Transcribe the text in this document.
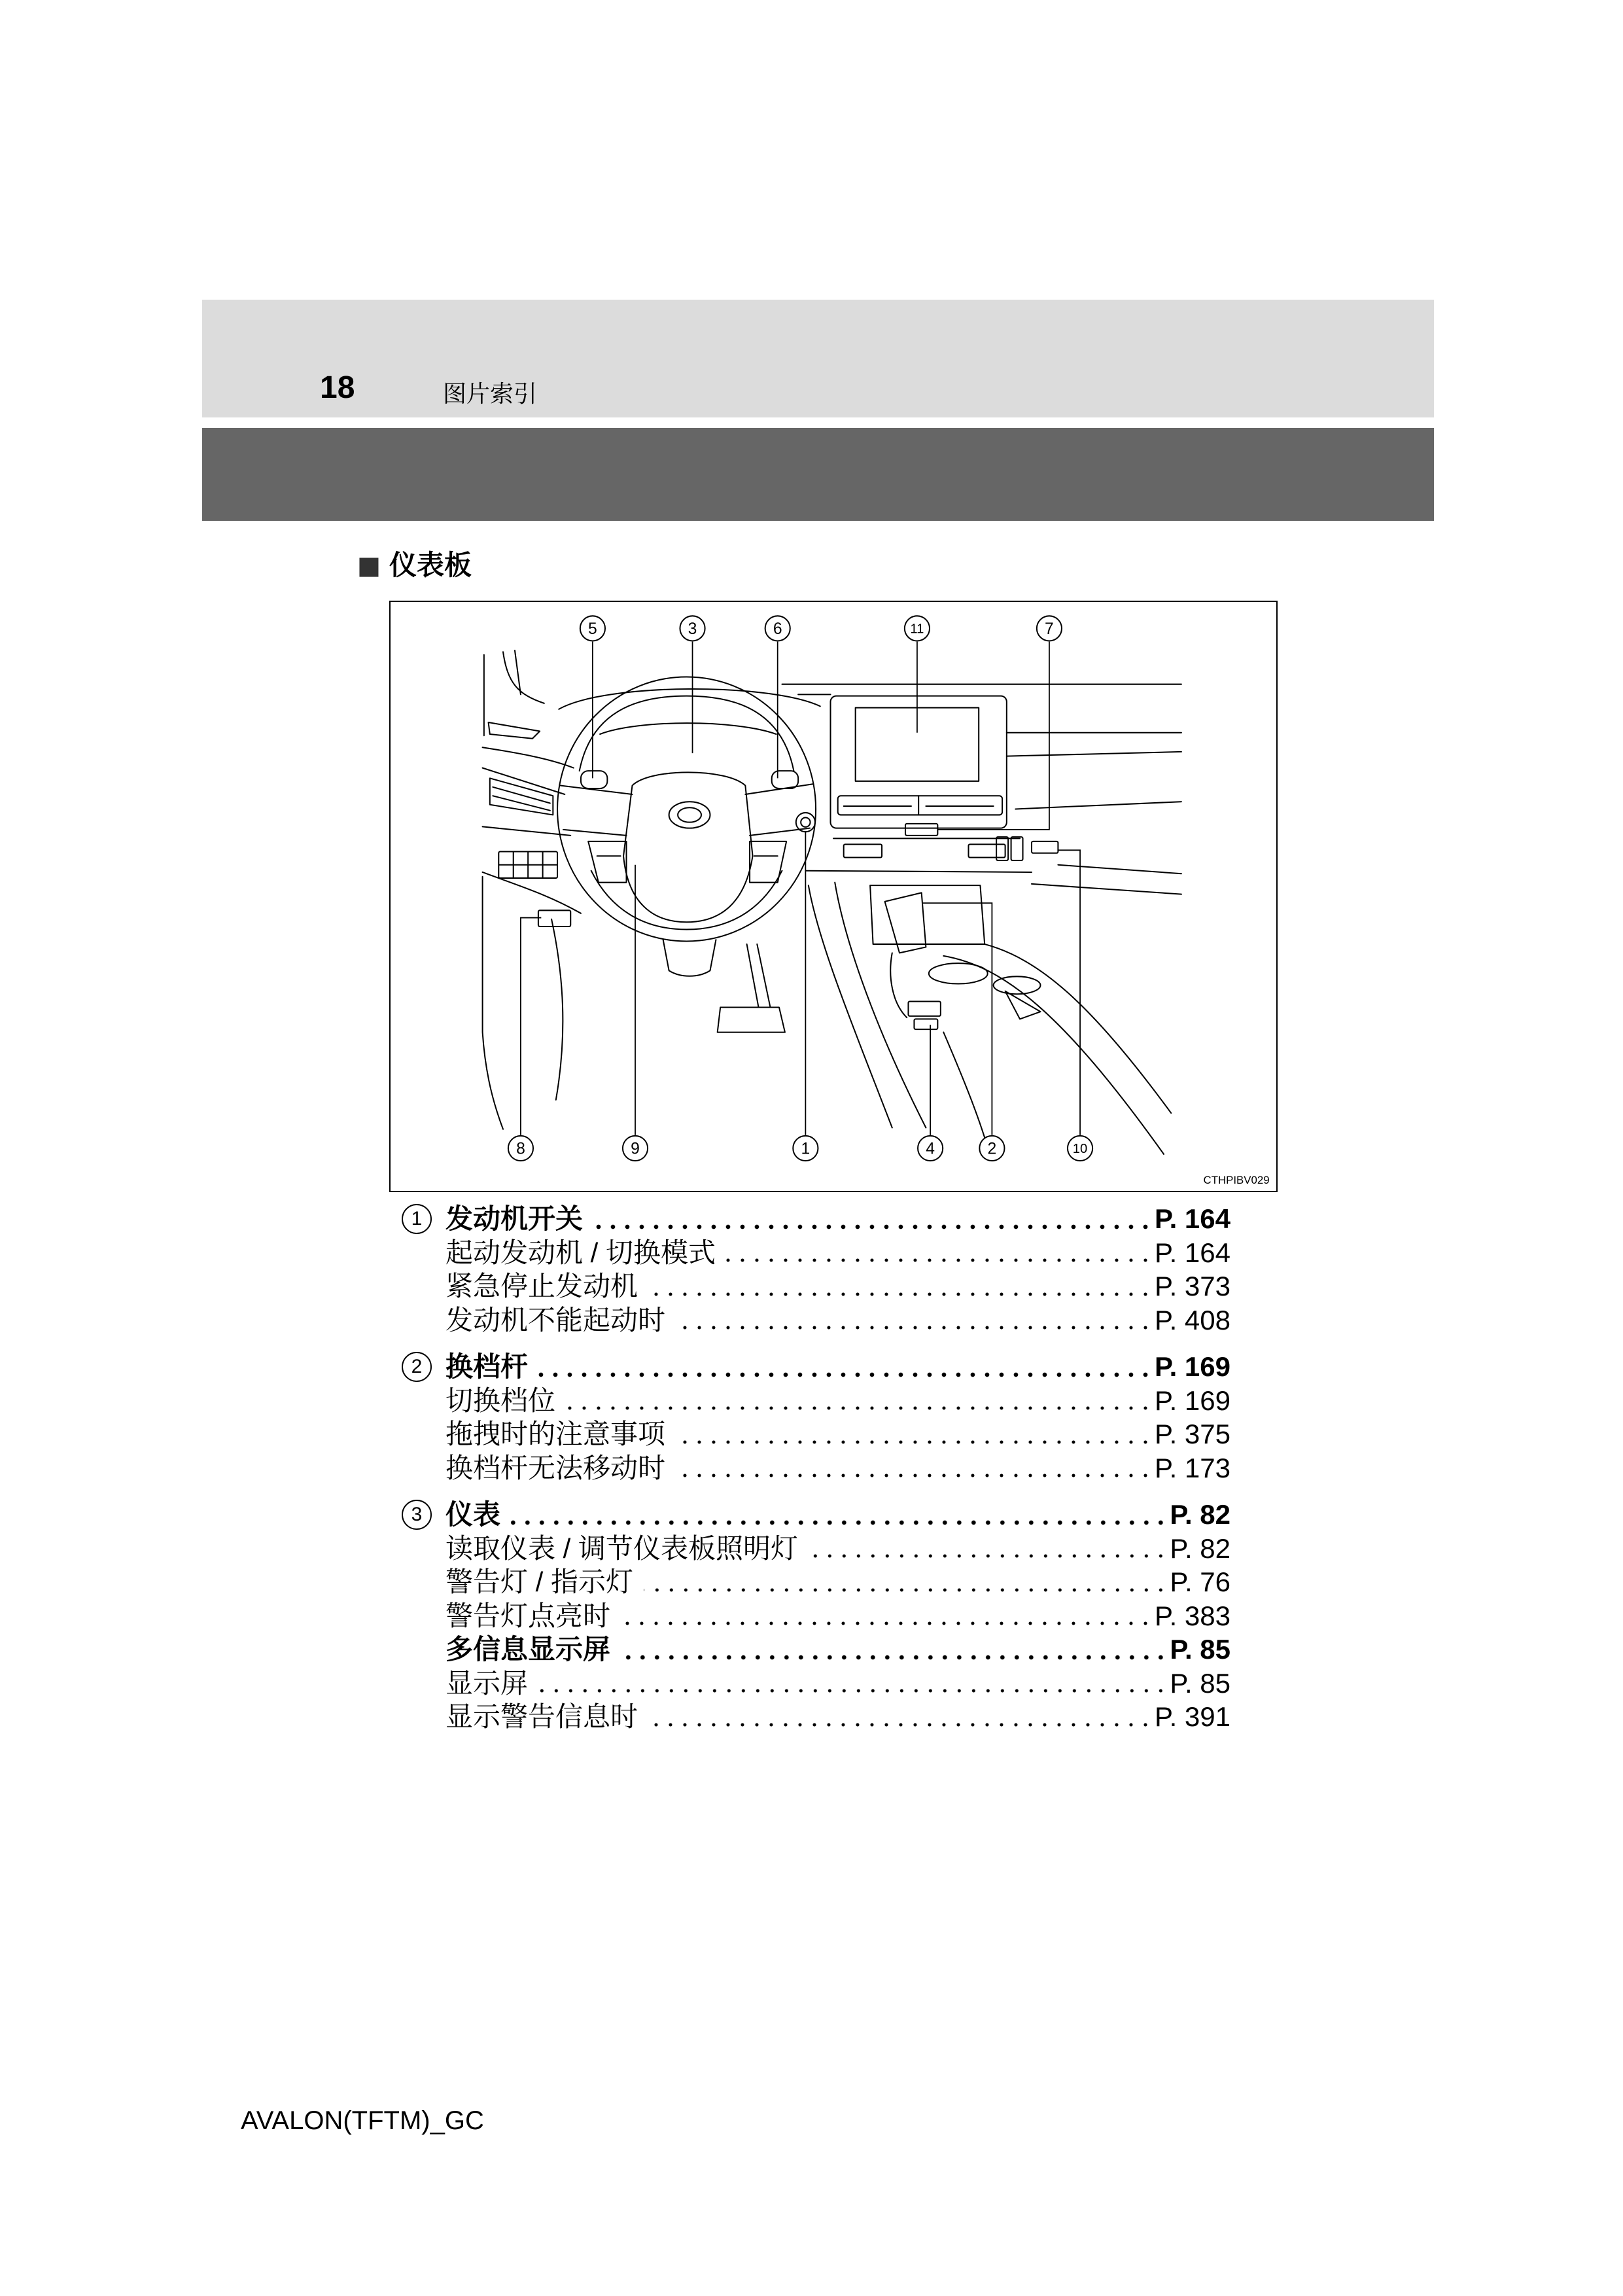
18	图片索引
■ 仪表板
5	3	6	11	7
8	9	1	4	2	10
CTHPIBV029
1 发动机开关	P. 164
起动发动机 / 切换模式	P. 164
紧急停止发动机	P. 373
发动机不能起动时	P. 408
2 换档杆	P. 169
切换档位	P. 169
拖拽时的注意事项	P. 375
换档杆无法移动时	P. 173
3 仪表	P. 82
读取仪表 / 调节仪表板照明灯	P. 82
警告灯 / 指示灯	P. 76
警告灯点亮时	P. 383
多信息显示屏	P. 85
显示屏	P. 85
显示警告信息时	P. 391
AVALON(TFTM)_GC
